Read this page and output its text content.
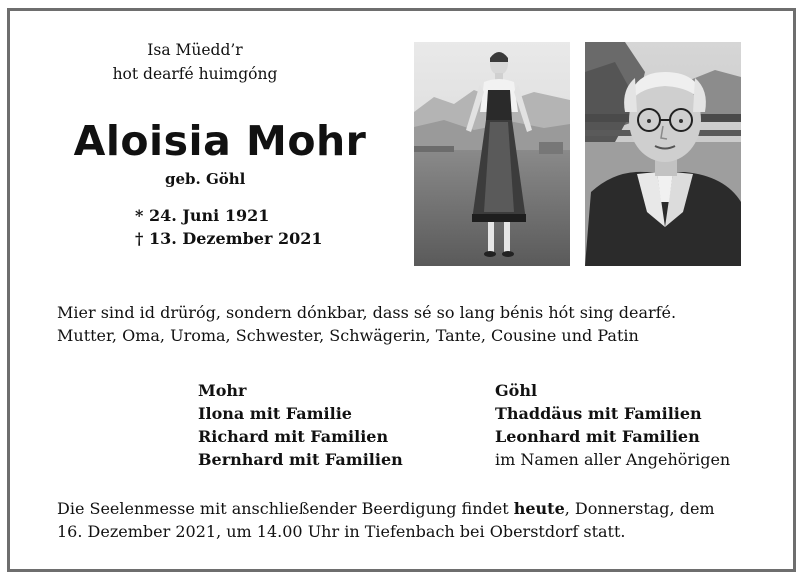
Isa Müedd’r
hot dearfé huimgóng
Aloisia Mohr
geb. Göhl
* 24. Juni 1921
† 13. Dezember 2021
Mier sind id drüróg, sondern dónkbar, dass sé so lang bénis hót sing dearfé.
Mutter, Oma, Uroma, Schwester, Schwägerin, Tante, Cousine und Patin
Mohr
Ilona mit Familie
Richard mit Familien
Bernhard mit Familien
Göhl
Thaddäus mit Familien
Leonhard mit Familien
im Namen aller Angehörigen
Die Seelenmesse mit anschließender Beerdigung findet heute, Donnerstag, dem
16. Dezember 2021, um 14.00 Uhr in Tiefenbach bei Oberstdorf statt.
